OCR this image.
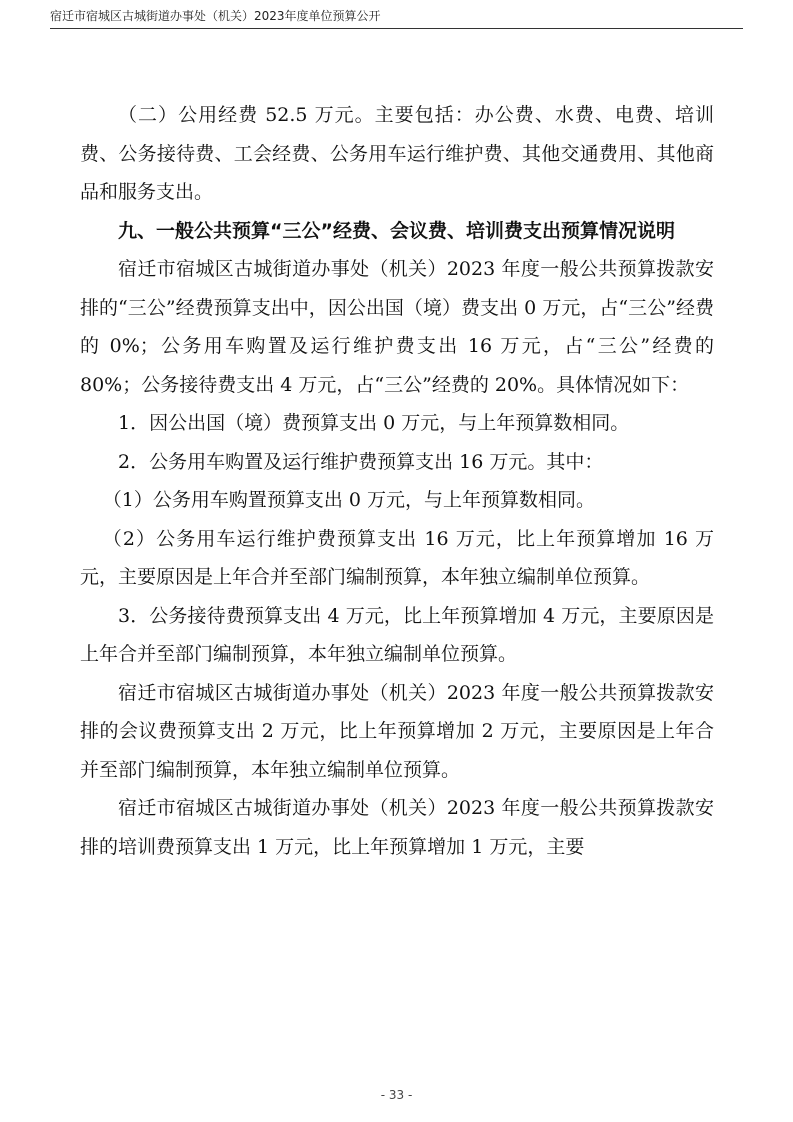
宿迁市宿城区古城街道办事处（机关）2023年度单位预算公开

（二）公用经费 52.5 万元。主要包括：办公费、水费、电费、培训费、公务接待费、工会经费、公务用车运行维护费、其他交通费用、其他商品和服务支出。

九、一般公共预算“三公”经费、会议费、培训费支出预算情况说明

宿迁市宿城区古城街道办事处（机关）2023 年度一般公共预算拨款安排的“三公”经费预算支出中，因公出国（境）费支出 0 万元，占“三公”经费的 0%；公务用车购置及运行维护费支出 16 万元，占“三公”经费的 80%；公务接待费支出 4 万元，占“三公”经费的 20%。具体情况如下：

1．因公出国（境）费预算支出 0 万元，与上年预算数相同。

2．公务用车购置及运行维护费预算支出 16 万元。其中：

（1）公务用车购置预算支出 0 万元，与上年预算数相同。

（2）公务用车运行维护费预算支出 16 万元，比上年预算增加 16 万元，主要原因是上年合并至部门编制预算，本年独立编制单位预算。

3．公务接待费预算支出 4 万元，比上年预算增加 4 万元，主要原因是上年合并至部门编制预算，本年独立编制单位预算。

宿迁市宿城区古城街道办事处（机关）2023 年度一般公共预算拨款安排的会议费预算支出 2 万元，比上年预算增加 2 万元，主要原因是上年合并至部门编制预算，本年独立编制单位预算。

宿迁市宿城区古城街道办事处（机关）2023 年度一般公共预算拨款安排的培训费预算支出 1 万元，比上年预算增加 1 万元，主要

- 33 -
